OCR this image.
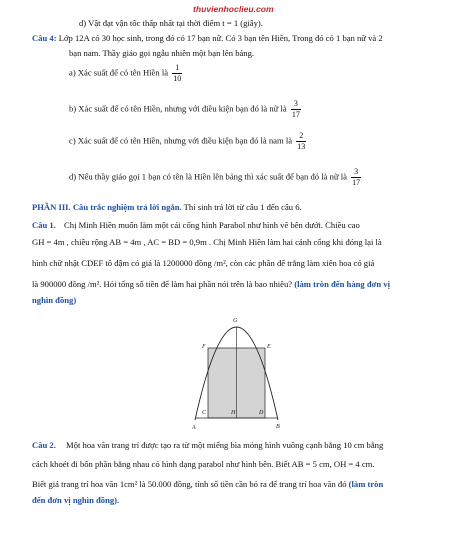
thuvienhoclieu.com
d) Vật đạt vận tốc thấp nhất tại thời điểm t = 1 (giây).
Câu 4: Lớp 12A có 30 học sinh, trong đó có 17 bạn nữ. Có 3 bạn tên Hiền, Trong đó có 1 bạn nữ và 2
bạn nam. Thầy giáo gọi ngẫu nhiên một bạn lên bảng.
a) Xác suất để có tên Hiền là $\frac{1}{10}$
b) Xác suất để có tên Hiền, nhưng với điều kiện bạn đó là nữ là $\frac{3}{17}$
c) Xác suất để có tên Hiền, nhưng với điều kiện bạn đó là nam là $\frac{2}{13}$
d) Nếu thầy giáo gọi 1 bạn có tên là Hiền lên bảng thì xác suất để bạn đó là nữ là $\frac{3}{17}$
PHẦN III. Câu trắc nghiệm trả lời ngắn. Thí sinh trả lời từ câu 1 đến câu 6.
Câu 1. Chị Minh Hiền muốn làm một cái cổng hình Parabol như hình vẽ bên dưới. Chiều cao
GH = 4m , chiều rộng AB = 4m , AC = BD = 0,9m . Chị Minh Hiền làm hai cánh cổng khi đóng lại là
hình chữ nhật CDEF tô đậm có giá là 1200000 đồng /m², còn các phần để trắng làm xiên hoa có giá
là 900000 đồng /m². Hỏi tổng số tiền để làm hai phần nói trên là bao nhiêu? (làm tròn đến hàng đơn vị
nghìn đồng)
G
F	E
C	H	D
A	B
Câu 2. Một hoa văn trang trí được tạo ra từ một miếng bìa mỏng hình vuông cạnh bằng 10 cm bằng
cách khoét đi bốn phần bằng nhau có hình dạng parabol như hình bên. Biết AB = 5 cm, OH = 4 cm.
Biết giá trang trí hoa văn 1cm² là 50.000 đồng, tính số tiền cần bỏ ra để trang trí hoa văn đó (làm tròn
đến đơn vị nghìn đồng).
